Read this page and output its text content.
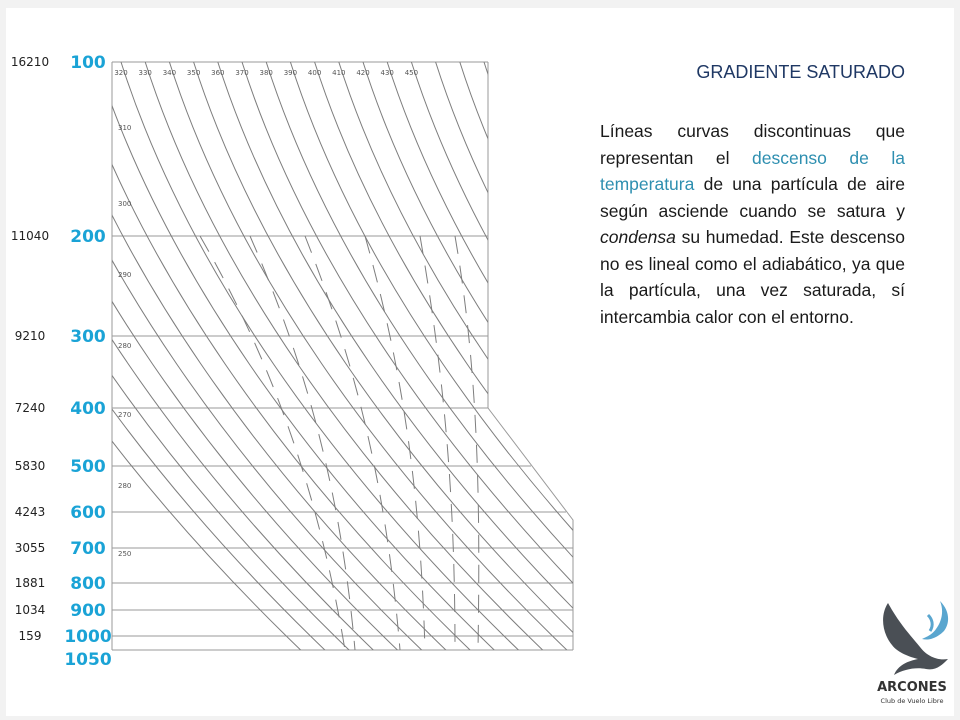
16210
11040
9210
7240
5830
4243
3055
1881
1034
159
100
200
300
400
500
600
700
800
900
1000
1050
320 330 340 350 360 370 380 390 400 410 420 430 450
310
300
290
280
270
280
250
GRADIENTE SATURADO

Líneas curvas discontinuas que representan el descenso de la temperatura de una partícula de aire según asciende cuando se satura y condensa su humedad. Este descenso no es lineal como el adiabático, ya que la partícula, una vez saturada, sí intercambia calor con el entorno.

ARCONES
Club de Vuelo Libre
